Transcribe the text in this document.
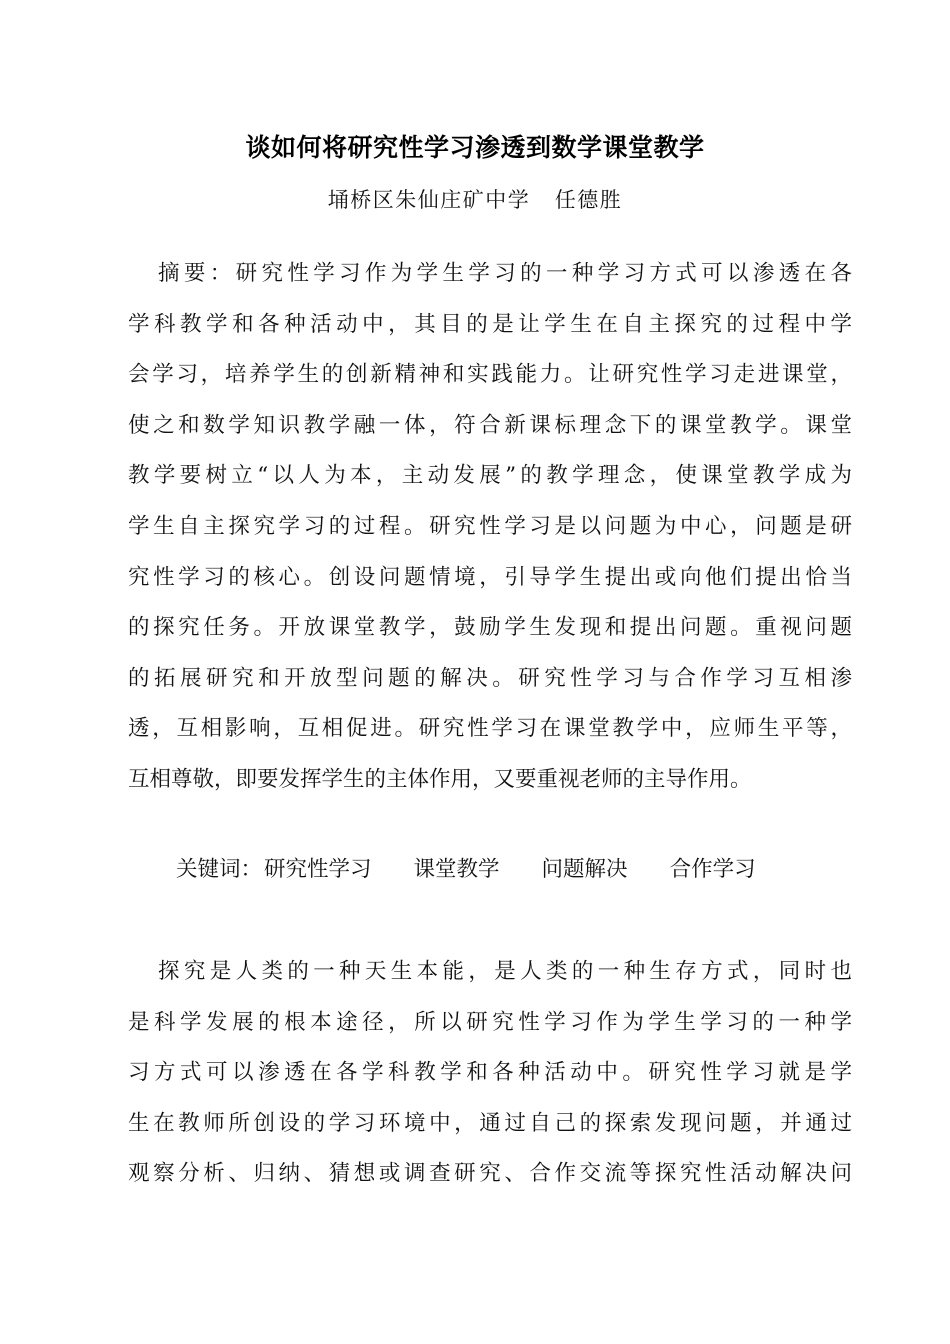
谈如何将研究性学习渗透到数学课堂教学
埇桥区朱仙庄矿中学   任德胜
摘要：研究性学习作为学生学习的一种学习方式可以渗透在各
学科教学和各种活动中，其目的是让学生在自主探究的过程中学
会学习，培养学生的创新精神和实践能力。让研究性学习走进课堂，
使之和数学知识教学融一体，符合新课标理念下的课堂教学。课堂
教学要树立“以人为本，主动发展”的教学理念，使课堂教学成为
学生自主探究学习的过程。研究性学习是以问题为中心，问题是研
究性学习的核心。创设问题情境，引导学生提出或向他们提出恰当
的探究任务。开放课堂教学，鼓励学生发现和提出问题。重视问题
的拓展研究和开放型问题的解决。研究性学习与合作学习互相渗
透，互相影响，互相促进。研究性学习在课堂教学中，应师生平等，
互相尊敬，即要发挥学生的主体作用，又要重视老师的主导作用。
关键词：研究性学习 课堂教学 问题解决 合作学习
探究是人类的一种天生本能，是人类的一种生存方式，同时也
是科学发展的根本途径，所以研究性学习作为学生学习的一种学
习方式可以渗透在各学科教学和各种活动中。研究性学习就是学
生在教师所创设的学习环境中，通过自己的探索发现问题，并通过
观察分析、归纳、猜想或调查研究、合作交流等探究性活动解决问
